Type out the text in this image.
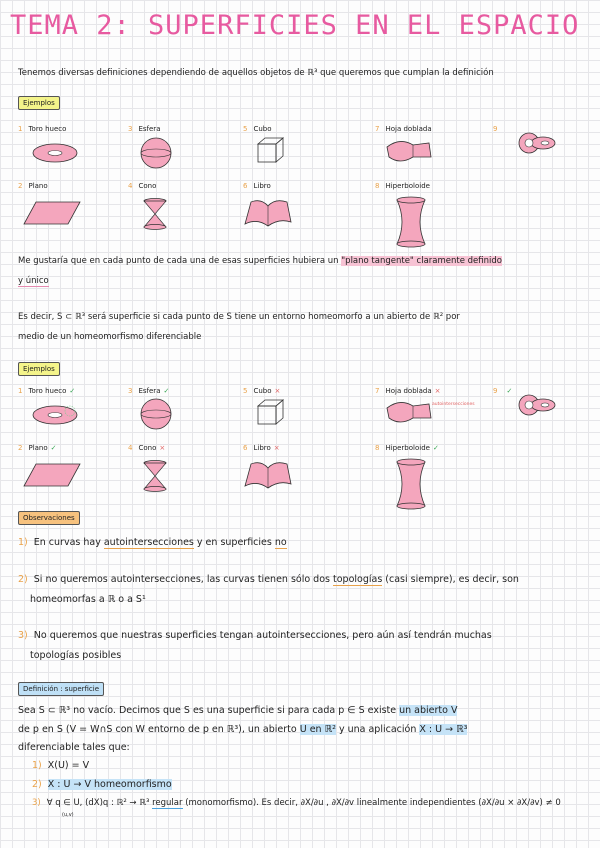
TEMA 2: SUPERFICIES EN EL ESPACIO
Tenemos diversas definiciones dependiendo de aquellos objetos de ℝ³ que queremos que cumplan la definición
Ejemplos
1 Toro hueco	3 Esfera	5 Cubo	7 Hoja doblada	9
2 Plano	4 Cono	6 Libro	8 Hiperboloide
Me gustaría que en cada punto de cada una de esas superficies hubiera un "plano tangente" claramente definido
y único
Es decir, S ⊂ ℝ³ será superficie si cada punto de S tiene un entorno homeomorfo a un abierto de ℝ² por
medio de un homeomorfismo diferenciable
Ejemplos
1 Toro hueco ✓	3 Esfera ✓	5 Cubo ×	7 Hoja doblada ×	9 ✓
2 Plano ✓	4 Cono ×	6 Libro ×	8 Hiperboloide ✓
autointersecciones
Observaciones
1) En curvas hay autointersecciones y en superficies no
2) Si no queremos autointersecciones, las curvas tienen sólo dos topologías (casi siempre), es decir, son
homeomorfas a ℝ o a S¹
3) No queremos que nuestras superficies tengan autointersecciones, pero aún así tendrán muchas
topologías posibles
Definición : superficie
Sea S ⊂ ℝ³ no vacío. Decimos que S es una superficie si para cada p ∈ S existe un abierto V
de p en S (V = W∩S con W entorno de p en ℝ³), un abierto U en ℝ² y una aplicación X : U → ℝ³
diferenciable tales que:
1) X(U) = V
2) X : U → V homeomorfismo
3) ∀ q ∈ U, (dX)q : ℝ² → ℝ³ regular (monomorfismo). Es decir, ∂X/∂u , ∂X/∂v linealmente independientes (∂X/∂u × ∂X/∂v) ≠ 0
(u,v)
